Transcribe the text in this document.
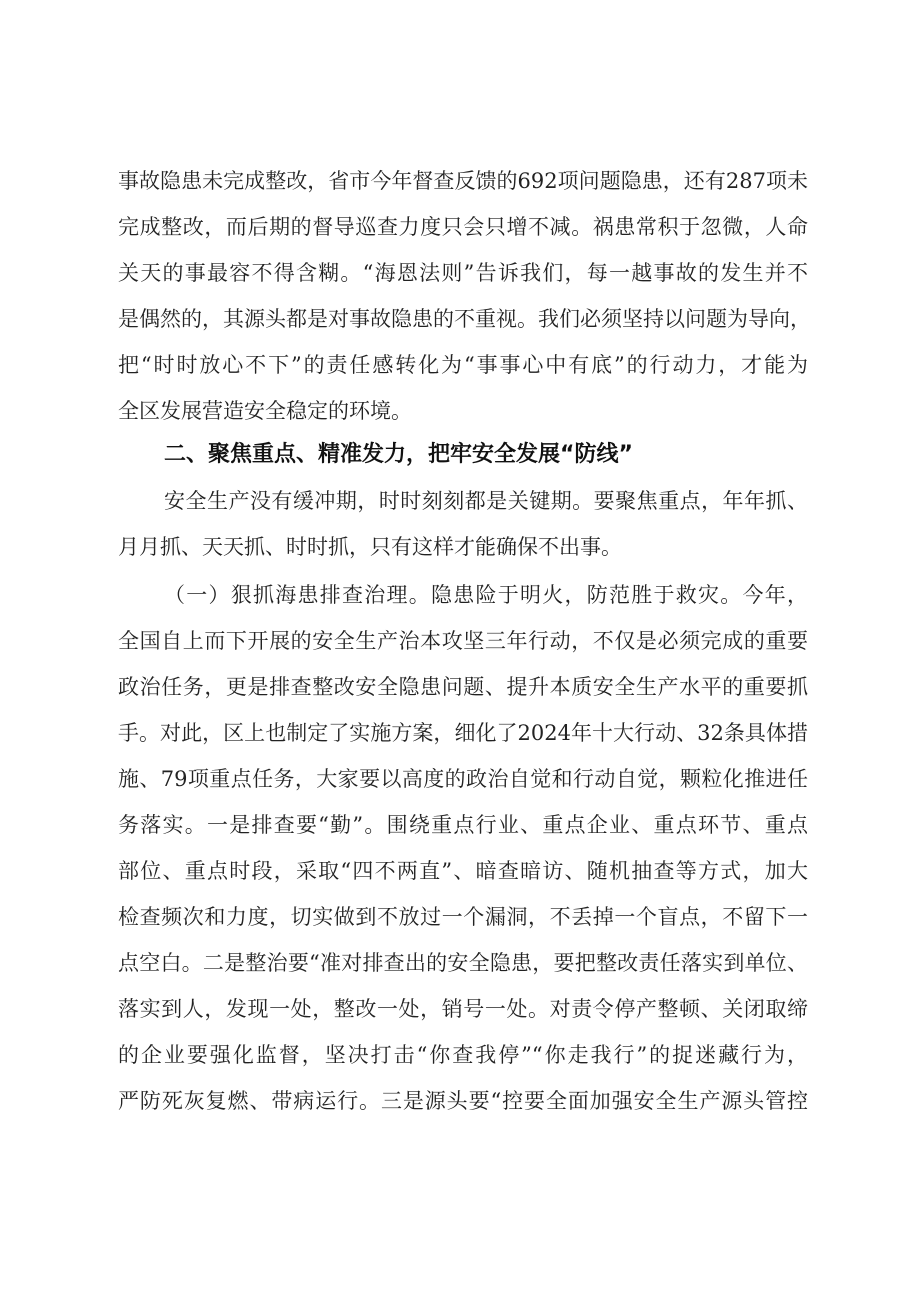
事故隐患未完成整改，省市今年督查反馈的692项问题隐患，还有287项未
完成整改，而后期的督导巡查力度只会只增不减。祸患常积于忽微，人命
关天的事最容不得含糊。“海恩法则”告诉我们，每一越事故的发生并不
是偶然的，其源头都是对事故隐患的不重视。我们必须坚持以问题为导向，
把“时时放心不下”的责任感转化为“事事心中有底”的行动力，才能为
全区发展营造安全稳定的环境。
二、聚焦重点、精准发力，把牢安全发展“防线”
安全生产没有缓冲期，时时刻刻都是关键期。要聚焦重点，年年抓、
月月抓、天天抓、时时抓，只有这样才能确保不出事。
（一）狠抓海患排查治理。隐患险于明火，防范胜于救灾。今年，
全国自上而下开展的安全生产治本攻坚三年行动，不仅是必须完成的重要
政治任务，更是排查整改安全隐患问题、提升本质安全生产水平的重要抓
手。对此，区上也制定了实施方案，细化了2024年十大行动、32条具体措
施、79项重点任务，大家要以高度的政治自觉和行动自觉，颗粒化推进任
务落实。一是排查要“勤”。围绕重点行业、重点企业、重点环节、重点
部位、重点时段，采取“四不两直”、暗查暗访、随机抽查等方式，加大
检查频次和力度，切实做到不放过一个漏洞，不丢掉一个盲点，不留下一
点空白。二是整治要“准对排查出的安全隐患，要把整改责任落实到单位、
落实到人，发现一处，整改一处，销号一处。对责令停产整顿、关闭取缔
的企业要强化监督，坚决打击“你查我停”“你走我行”的捉迷藏行为，
严防死灰复燃、带病运行。三是源头要“控要全面加强安全生产源头管控
